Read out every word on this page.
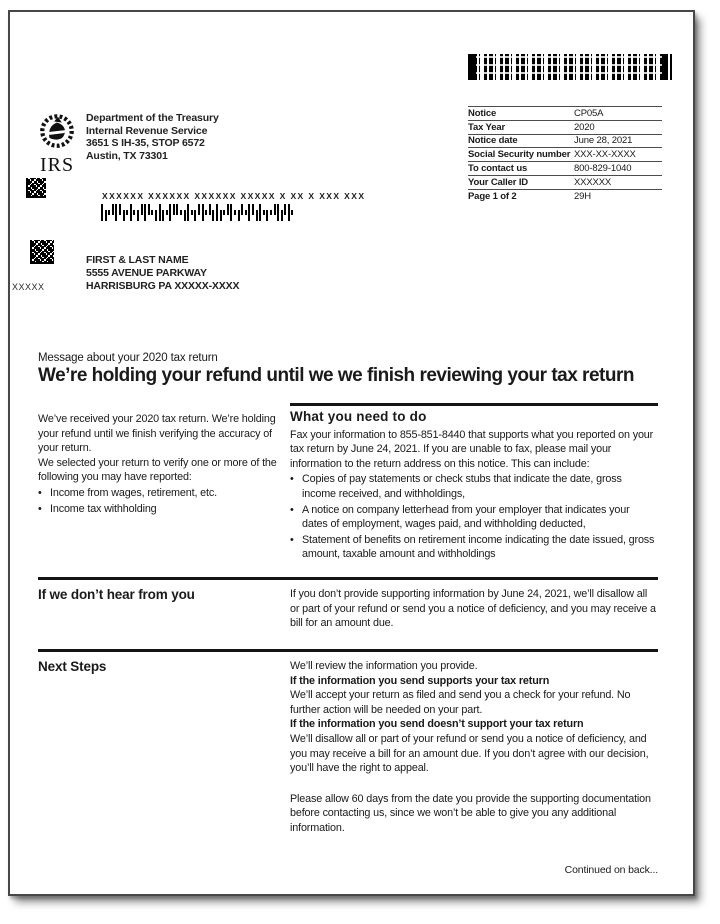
IRS
Department of the Treasury
Internal Revenue Service
3651 S IH-35, STOP 6572
Austin, TX 73301
Notice	CP05A
Tax Year	2020
Notice date	June 28, 2021
Social Security number XXX-XX-XXXX
To contact us	800-829-1040
Your Caller ID	XXXXXX
Page 1 of 2	29H
XXXXXX XXXXXX XXXXXX XXXXX X XX X XXX XXX
XXXXX
FIRST & LAST NAME
5555 AVENUE PARKWAY
HARRISBURG PA XXXXX-XXXX
Message about your 2020 tax return
We’re holding your refund until we we finish reviewing your tax return
We’ve received your 2020 tax return. We’re holding your refund until we finish verifying the accuracy of your return.
We selected your return to verify one or more of the following you may have reported:
• Income from wages, retirement, etc.
• Income tax withholding
What you need to do
Fax your information to 855-851-8440 that supports what you reported on your tax return by June 24, 2021. If you are unable to fax, please mail your information to the return address on this notice. This can include:
• Copies of pay statements or check stubs that indicate the date, gross income received, and withholdings,
• A notice on company letterhead from your employer that indicates your dates of employment, wages paid, and withholding deducted,
• Statement of benefits on retirement income indicating the date issued, gross amount, taxable amount and withholdings
If we don’t hear from you	If you don’t provide supporting information by June 24, 2021, we’ll disallow all or part of your refund or send you a notice of deficiency, and you may receive a bill for an amount due.
Next Steps	We’ll review the information you provide.
If the information you send supports your tax return
We’ll accept your return as filed and send you a check for your refund. No further action will be needed on your part.
If the information you send doesn’t support your tax return
We’ll disallow all or part of your refund or send you a notice of deficiency, and you may receive a bill for an amount due. If you don’t agree with our decision, you’ll have the right to appeal.
Please allow 60 days from the date you provide the supporting documentation before contacting us, since we won’t be able to give you any additional information.
Continued on back...
